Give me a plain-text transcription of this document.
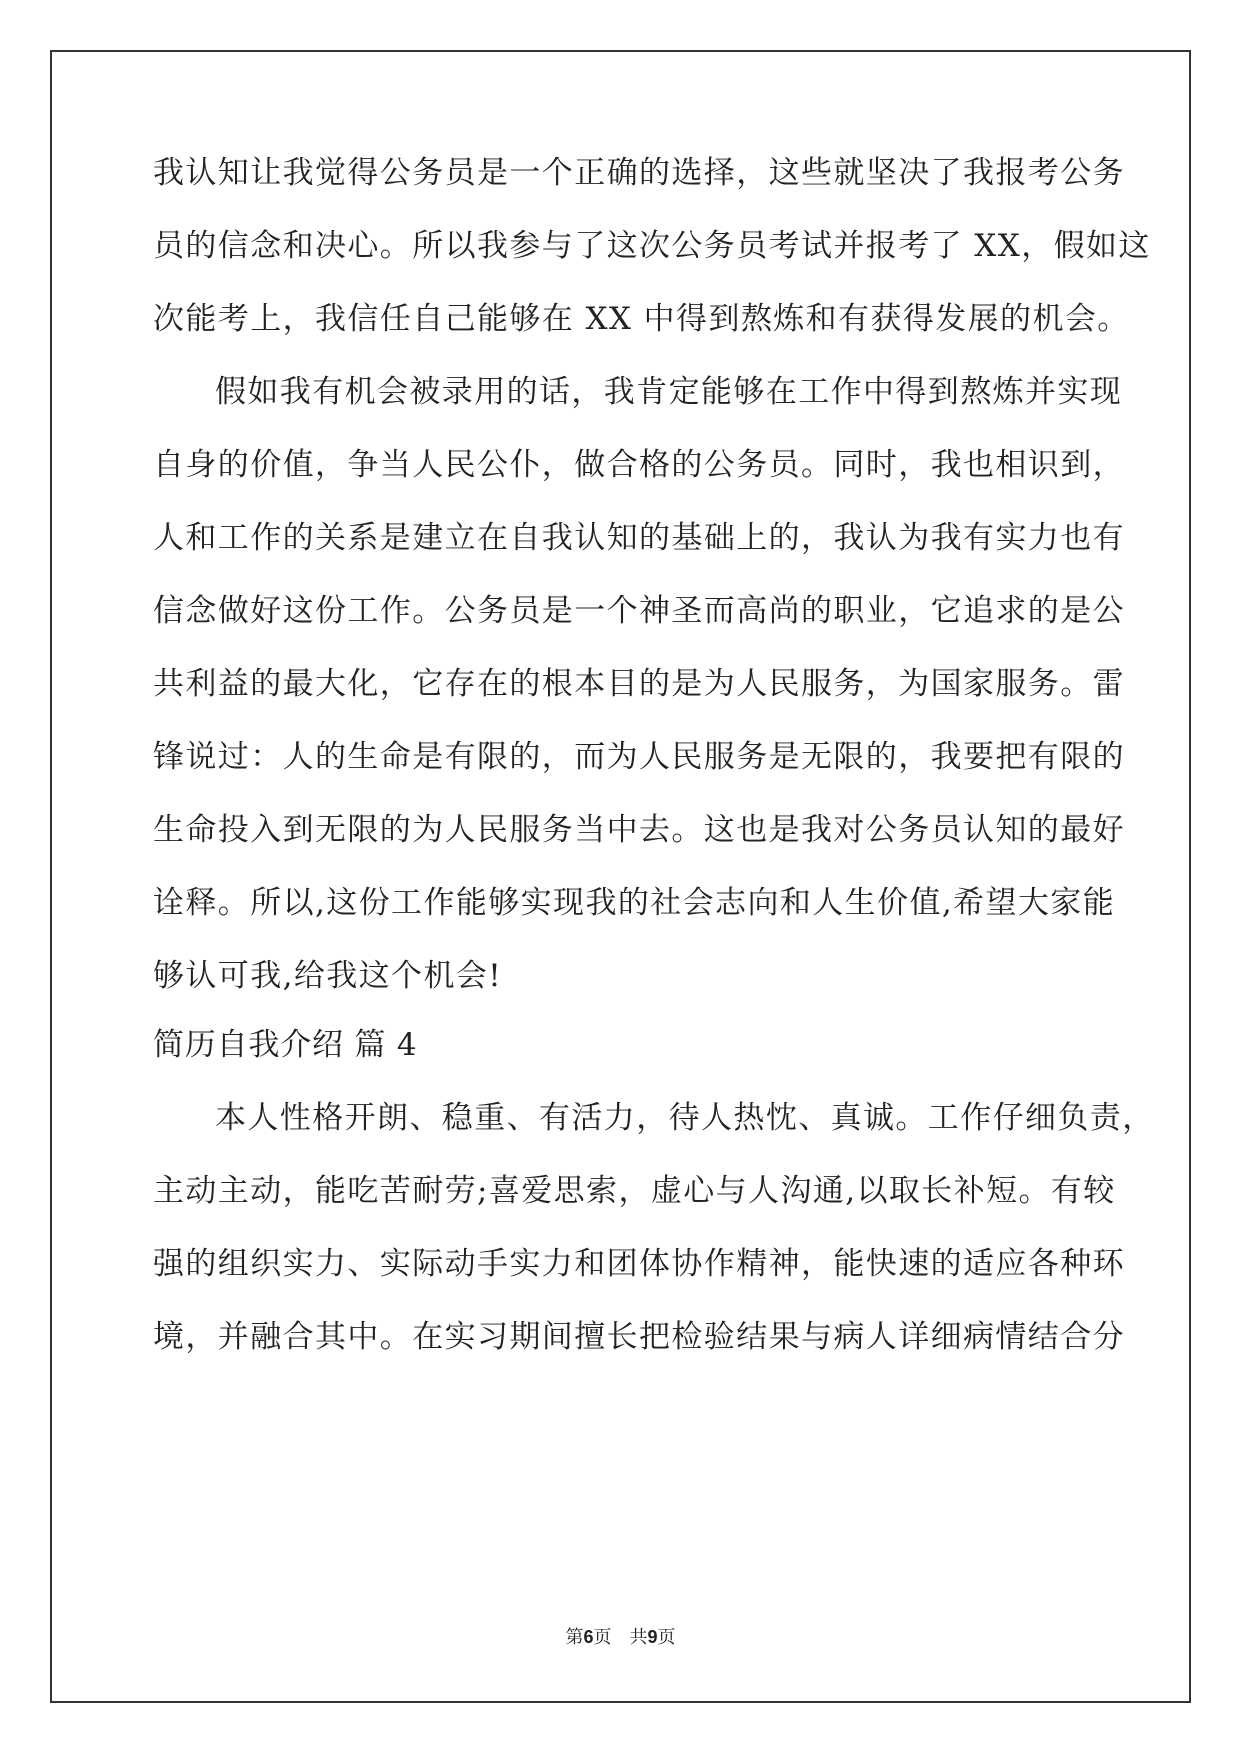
我认知让我觉得公务员是一个正确的选择，这些就坚决了我报考公务

员的信念和决心。所以我参与了这次公务员考试并报考了 XX，假如这

次能考上，我信任自己能够在 XX 中得到熬炼和有获得发展的机会。

假如我有机会被录用的话，我肯定能够在工作中得到熬炼并实现

自身的价值，争当人民公仆，做合格的公务员。同时，我也相识到，

人和工作的关系是建立在自我认知的基础上的，我认为我有实力也有

信念做好这份工作。公务员是一个神圣而高尚的职业，它追求的是公

共利益的最大化，它存在的根本目的是为人民服务，为国家服务。雷

锋说过：人的生命是有限的，而为人民服务是无限的，我要把有限的

生命投入到无限的为人民服务当中去。这也是我对公务员认知的最好

诠释。所以,这份工作能够实现我的社会志向和人生价值,希望大家能

够认可我,给我这个机会!

简历自我介绍 篇 4

本人性格开朗、稳重、有活力，待人热忱、真诚。工作仔细负责，

主动主动，能吃苦耐劳;喜爱思索，虚心与人沟通,以取长补短。有较

强的组织实力、实际动手实力和团体协作精神，能快速的适应各种环

境，并融合其中。在实习期间擅长把检验结果与病人详细病情结合分

第6页　共9页
